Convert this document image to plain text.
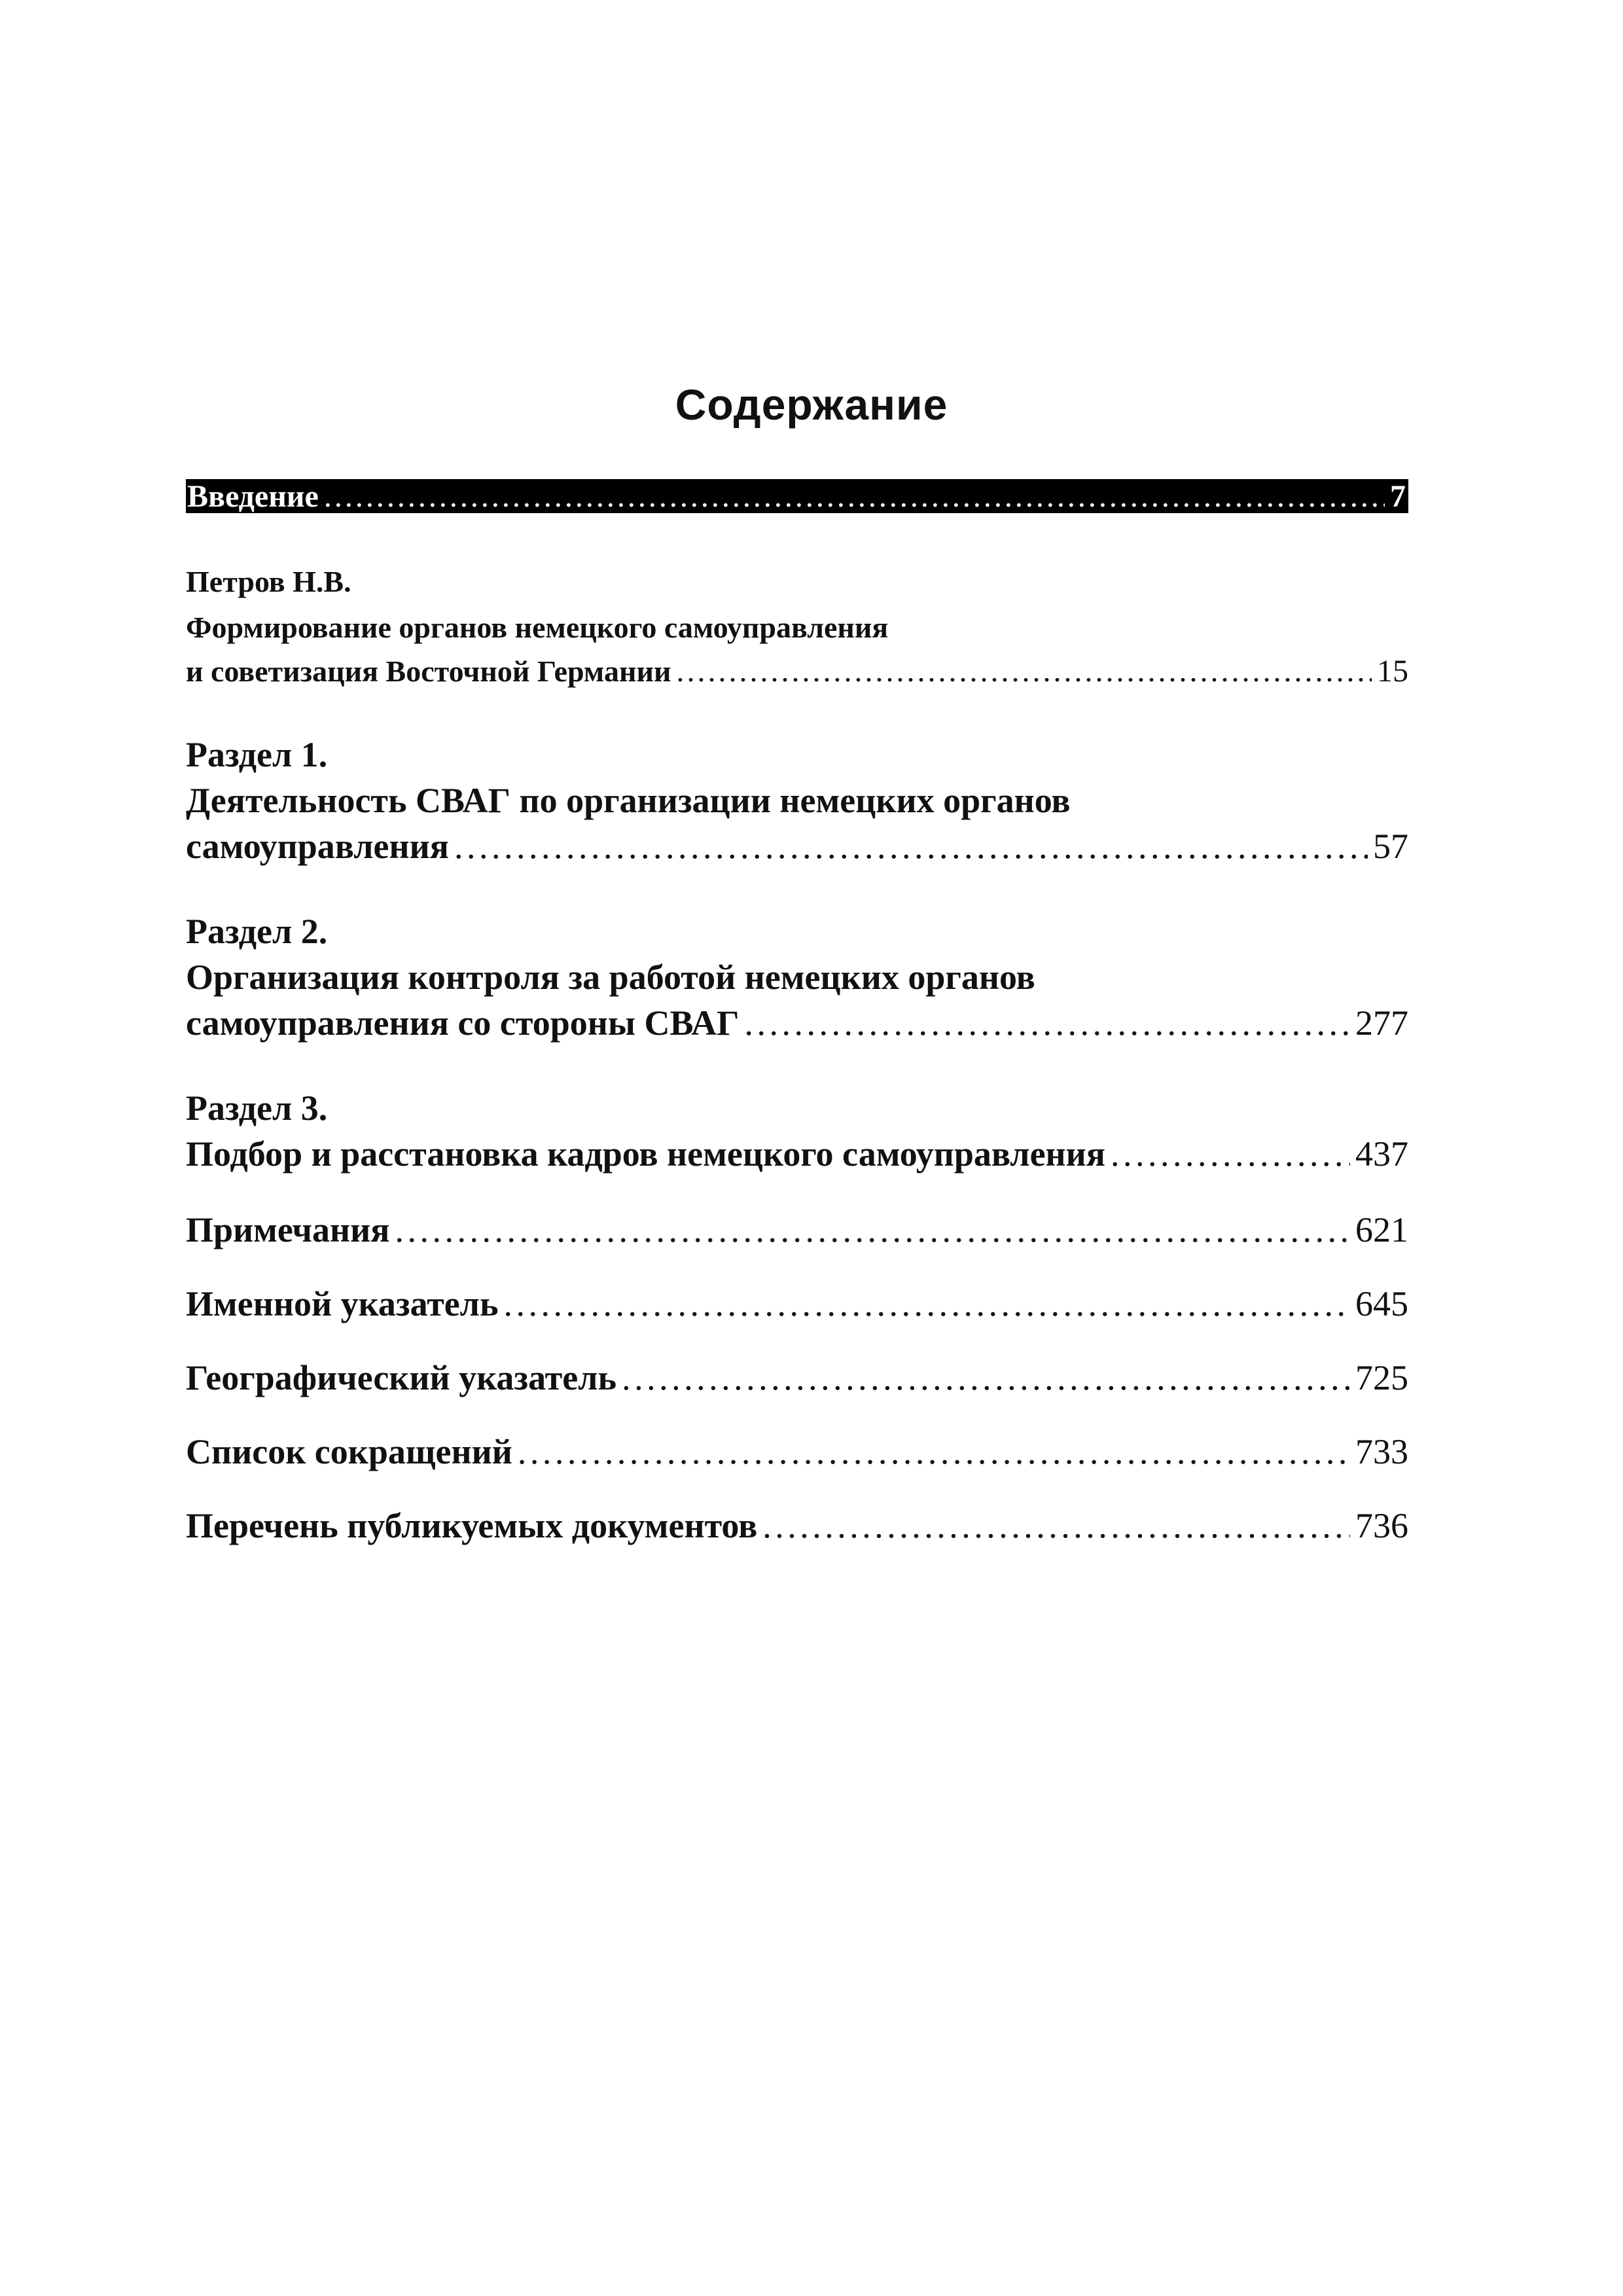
Содержание
Введение . . .	7
Петров Н.В.
Формирование органов немецкого самоуправления
и советизация Восточной Германии . . .	15
Раздел 1.
Деятельность СВАГ по организации немецких органов
самоуправления . . .	57
Раздел 2.
Организация контроля за работой немецких органов
самоуправления со стороны СВАГ . . .	277
Раздел 3.
Подбор и расстановка кадров немецкого самоуправления . . .	437
Примечания . . .	621
Именной указатель . . .	645
Географический указатель . . .	725
Список сокращений . . .	733
Перечень публикуемых документов . . .	736
